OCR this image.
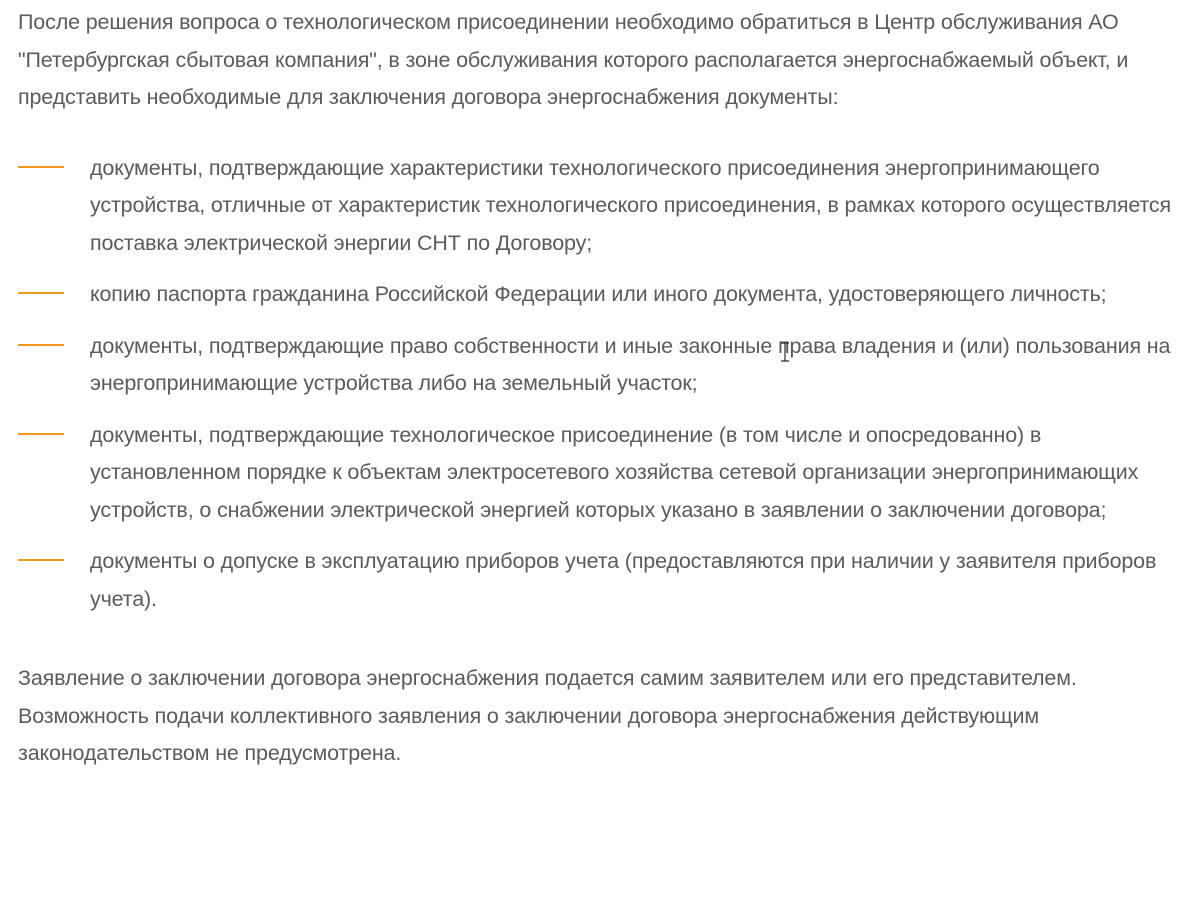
После решения вопроса о технологическом присоединении необходимо обратиться в Центр обслуживания АО "Петербургская сбытовая компания", в зоне обслуживания которого располагается энергоснабжаемый объект, и представить необходимые для заключения договора энергоснабжения документы:

документы, подтверждающие характеристики технологического присоединения энергопринимающего устройства, отличные от характеристик технологического присоединения, в рамках которого осуществляется поставка электрической энергии СНТ по Договору;
копию паспорта гражданина Российской Федерации или иного документа, удостоверяющего личность;
документы, подтверждающие право собственности и иные законные права владения и (или) пользования на энергопринимающие устройства либо на земельный участок;
документы, подтверждающие технологическое присоединение (в том числе и опосредованно) в установленном порядке к объектам электросетевого хозяйства сетевой организации энергопринимающих устройств, о снабжении электрической энергией которых указано в заявлении о заключении договора;
документы о допуске в эксплуатацию приборов учета (предоставляются при наличии у заявителя приборов учета).

Заявление о заключении договора энергоснабжения подается самим заявителем или его представителем. Возможность подачи коллективного заявления о заключении договора энергоснабжения действующим законодательством не предусмотрена.
